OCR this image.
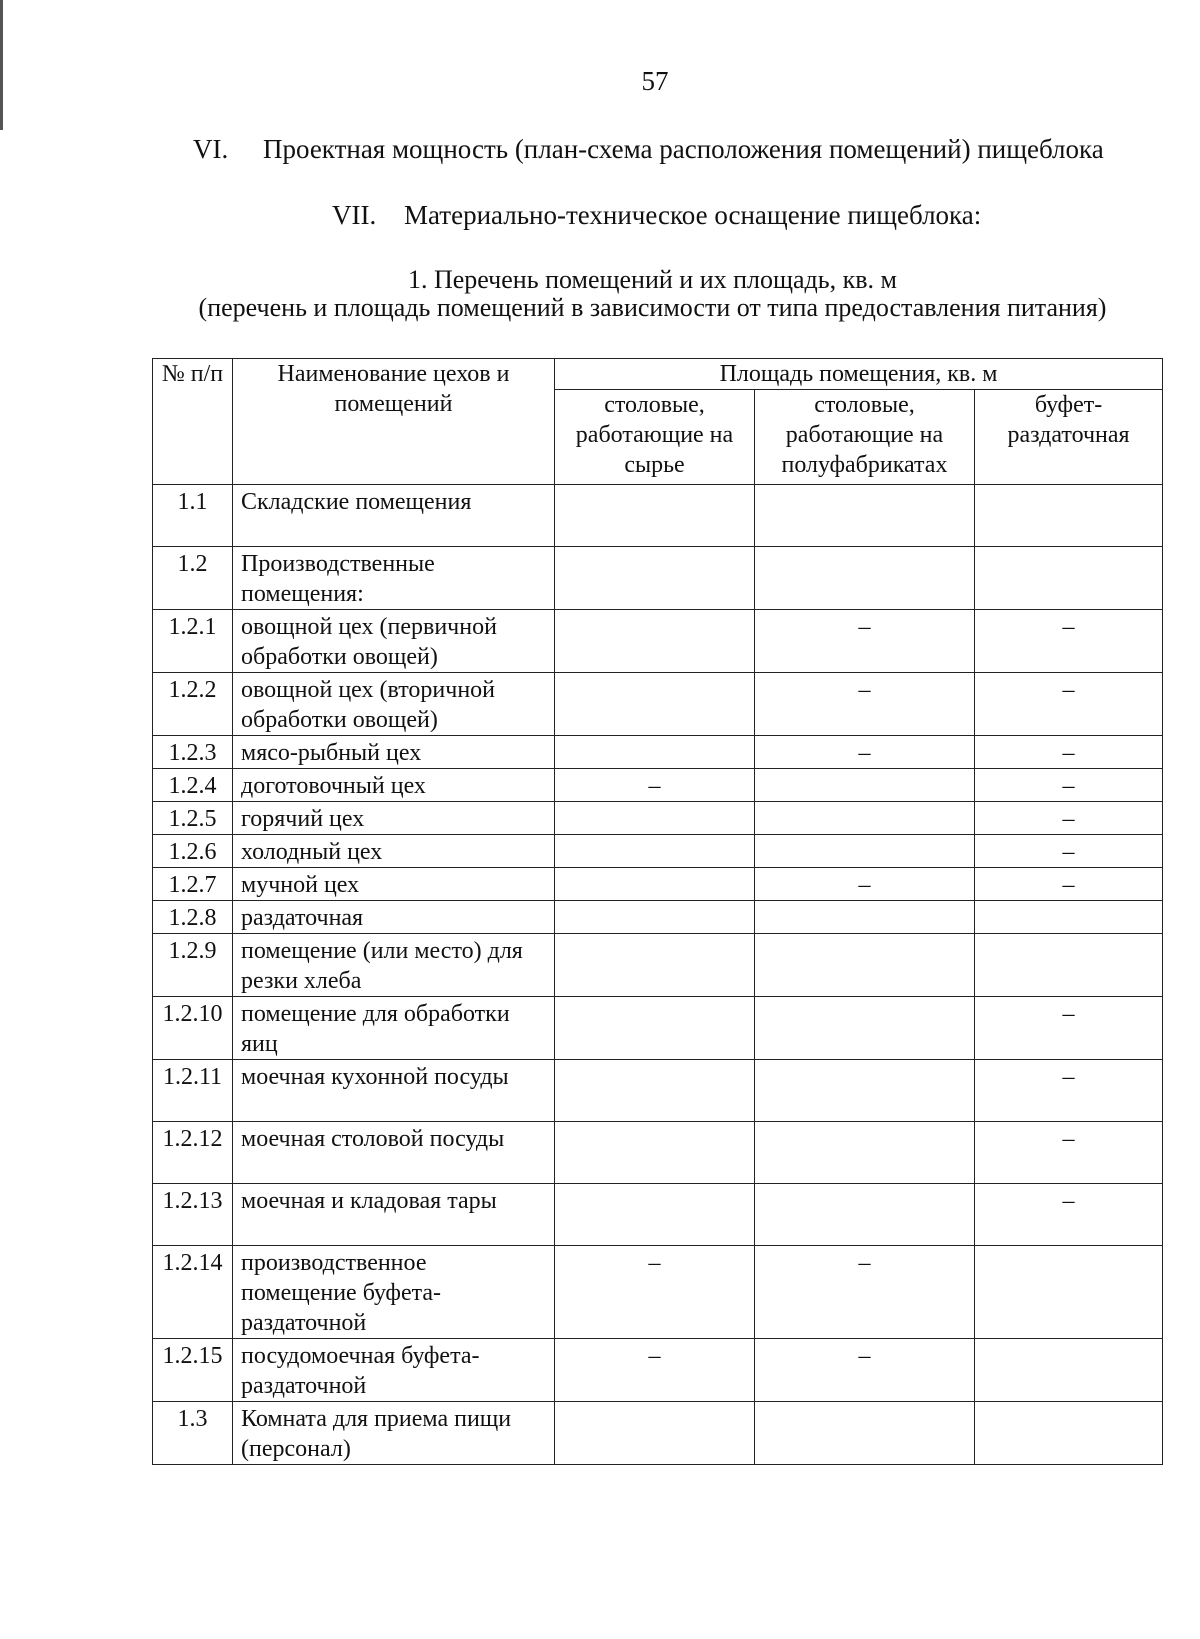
57
VI. Проектная мощность (план-схема расположения помещений) пищеблока
VII. Материально-техническое оснащение пищеблока:
1. Перечень помещений и их площадь, кв. м
(перечень и площадь помещений в зависимости от типа предоставления питания)
№ п/п	Наименование цехов и помещений	Площадь помещения, кв. м		
		столовые, работающие на сырье	столовые, работающие на полуфабрикатах	буфет-раздаточная
1.1	Складские помещения			
1.2	Производственные помещения:			
1.2.1	овощной цех (первичной обработки овощей)		–	–
1.2.2	овощной цех (вторичной обработки овощей)		–	–
1.2.3	мясо-рыбный цех		–	–
1.2.4	доготовочный цех	–		–
1.2.5	горячий цех			–
1.2.6	холодный цех			–
1.2.7	мучной цех		–	–
1.2.8	раздаточная			
1.2.9	помещение (или место) для резки хлеба			
1.2.10	помещение для обработки яиц			–
1.2.11	моечная кухонной посуды			–
1.2.12	моечная столовой посуды			–
1.2.13	моечная и кладовая тары			–
1.2.14	производственное помещение буфета-раздаточной	–	–	
1.2.15	посудомоечная буфета-раздаточной	–	–	
1.3	Комната для приема пищи (персонал)			
